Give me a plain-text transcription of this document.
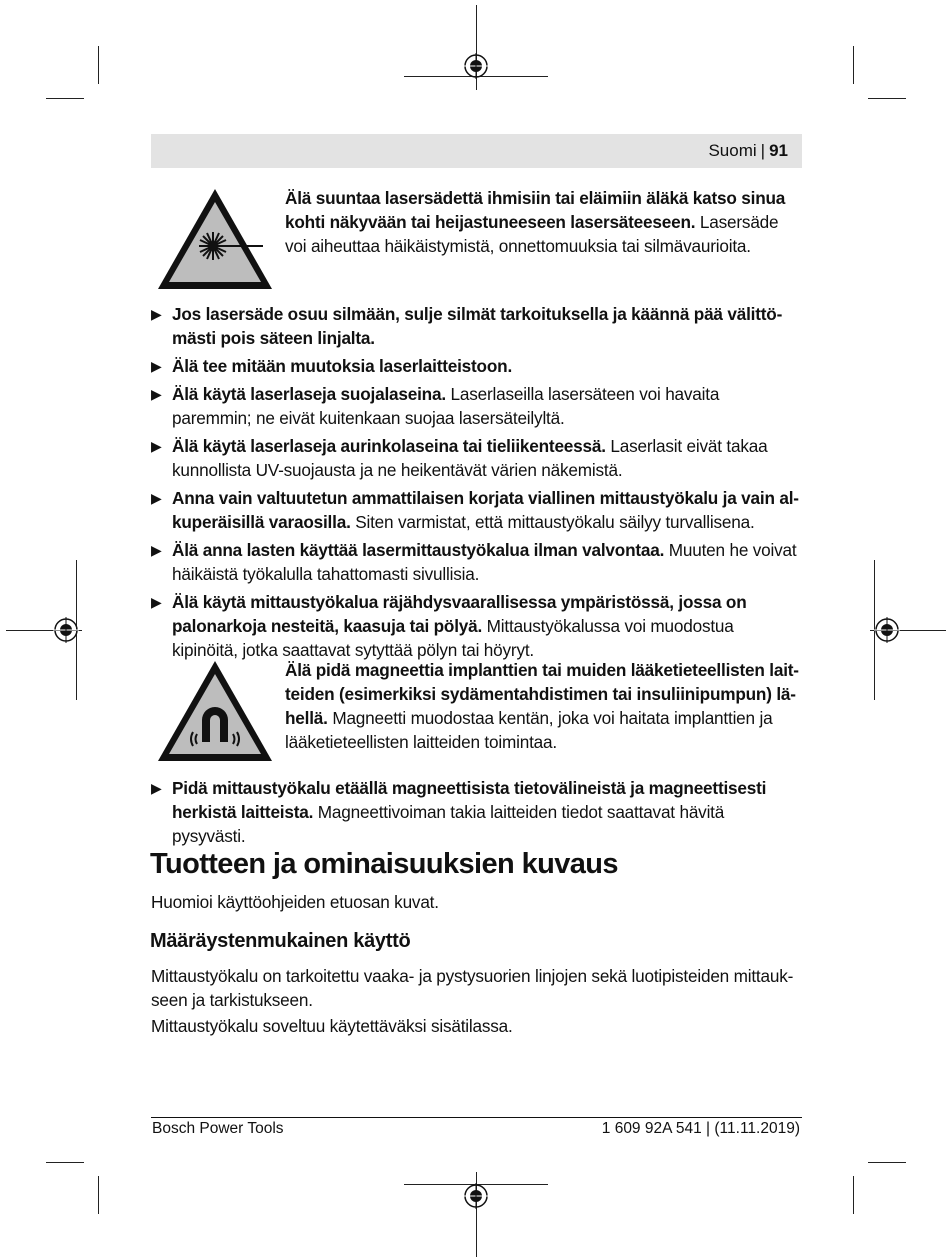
Suomi | 91
Älä suuntaa lasersädettä ihmisiin tai eläimiin äläkä katso sinua kohti näkyvään tai heijastuneeseen lasersäteeseen. Lasersäde voi aiheuttaa häikäistymistä, onnettomuuksia tai silmävaurioita.
▶ Jos lasersäde osuu silmään, sulje silmät tarkoituksella ja käännä pää välittömästi pois säteen linjalta.
▶ Älä tee mitään muutoksia laserlaitteistoon.
▶ Älä käytä laserlaseja suojalaseina. Laserlaseilla lasersäteen voi havaita paremmin; ne eivät kuitenkaan suojaa lasersäteilyltä.
▶ Älä käytä laserlaseja aurinkolaseina tai tieliikenteessä. Laserlasit eivät takaa kunnollista UV-suojausta ja ne heikentävät värien näkemistä.
▶ Anna vain valtuutetun ammattilaisen korjata viallinen mittaustyökalu ja vain alkuperäisillä varaosilla. Siten varmistat, että mittaustyökalu säilyy turvallisena.
▶ Älä anna lasten käyttää lasermittaustyökalua ilman valvontaa. Muuten he voivat häikäistä työkalulla tahattomasti sivullisia.
▶ Älä käytä mittaustyökalua räjähdysvaarallisessa ympäristössä, jossa on palonarkoja nesteitä, kaasuja tai pölyä. Mittaustyökalussa voi muodostua kipinöitä, jotka saattavat sytyttää pölyn tai höyryt.
Älä pidä magneettia implanttien tai muiden lääketieteellisten laitteiden (esimerkiksi sydämentahdistimen tai insuliinipumpun) lähellä. Magneetti muodostaa kentän, joka voi haitata implanttien ja lääketieteellisten laitteiden toimintaa.
▶ Pidä mittaustyökalu etäällä magneettisista tietovälineistä ja magneettisesti herkistä laitteista. Magneettivoiman takia laitteiden tiedot saattavat hävitä pysyvästi.
Tuotteen ja ominaisuuksien kuvaus
Huomioi käyttöohjeiden etuosan kuvat.
Määräystenmukainen käyttö
Mittaustyökalu on tarkoitettu vaaka- ja pystysuorien linjojen sekä luotipisteiden mittaukseen ja tarkistukseen.
Mittaustyökalu soveltuu käytettäväksi sisätilassa.
Bosch Power Tools	1 609 92A 541 | (11.11.2019)
